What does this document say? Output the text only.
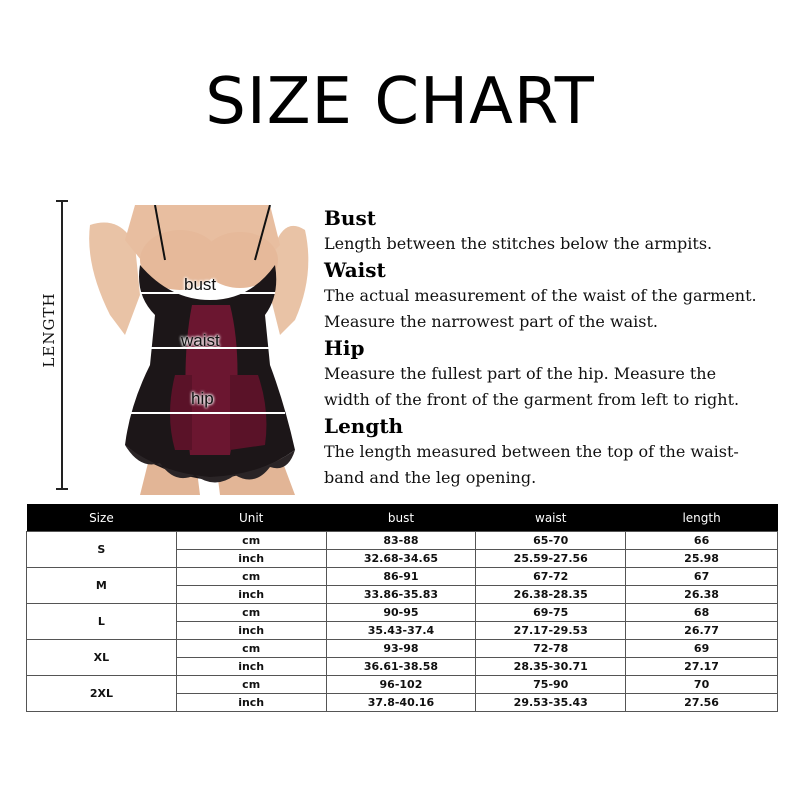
SIZE CHART
LENGTH
bust
waist
hip
Bust
Length between the stitches below the armpits.
Waist
The actual measurement of the waist of the garment.
Measure the narrowest part of the waist.
Hip
Measure the fullest part of the hip. Measure the
width of the front of the garment from left to right.
Length
The length measured between the top of the waist-
band and the leg opening.
Size	Unit	bust	waist	length
S	cm	83-88	65-70	66
	inch	32.68-34.65	25.59-27.56	25.98
M	cm	86-91	67-72	67
	inch	33.86-35.83	26.38-28.35	26.38
L	cm	90-95	69-75	68
	inch	35.43-37.4	27.17-29.53	26.77
XL	cm	93-98	72-78	69
	inch	36.61-38.58	28.35-30.71	27.17
2XL	cm	96-102	75-90	70
	inch	37.8-40.16	29.53-35.43	27.56
